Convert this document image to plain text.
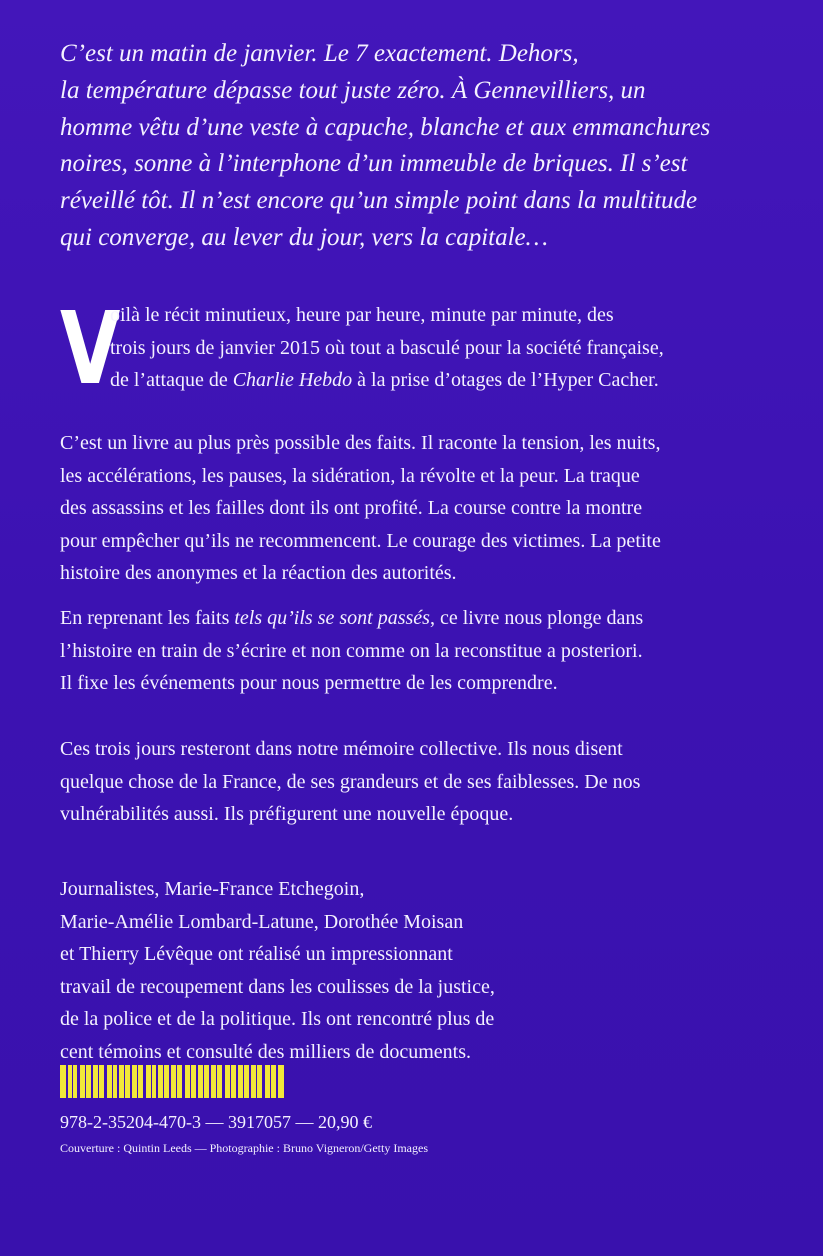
C’est un matin de janvier. Le 7 exactement. Dehors,
la température dépasse tout juste zéro. À Gennevilliers, un
homme vêtu d’une veste à capuche, blanche et aux emmanchures
noires, sonne à l’interphone d’un immeuble de briques. Il s’est
réveillé tôt. Il n’est encore qu’un simple point dans la multitude
qui converge, au lever du jour, vers la capitale…
V
oilà le récit minutieux, heure par heure, minute par minute, des
trois jours de janvier 2015 où tout a basculé pour la société française,
de l’attaque de Charlie Hebdo à la prise d’otages de l’Hyper Cacher.
C’est un livre au plus près possible des faits. Il raconte la tension, les nuits,
les accélérations, les pauses, la sidération, la révolte et la peur. La traque
des assassins et les failles dont ils ont profité. La course contre la montre
pour empêcher qu’ils ne recommencent. Le courage des victimes. La petite
histoire des anonymes et la réaction des autorités.
En reprenant les faits tels qu’ils se sont passés, ce livre nous plonge dans
l’histoire en train de s’écrire et non comme on la reconstitue a posteriori.
Il fixe les événements pour nous permettre de les comprendre.
Ces trois jours resteront dans notre mémoire collective. Ils nous disent
quelque chose de la France, de ses grandeurs et de ses faiblesses. De nos
vulnérabilités aussi. Ils préfigurent une nouvelle époque.
Journalistes, Marie-France Etchegoin,
Marie-Amélie Lombard-Latune, Dorothée Moisan
et Thierry Lévêque ont réalisé un impressionnant
travail de recoupement dans les coulisses de la justice,
de la police et de la politique. Ils ont rencontré plus de
cent témoins et consulté des milliers de documents.
978-2-35204-470-3 — 3917057 — 20,90 €
Couverture : Quintin Leeds — Photographie : Bruno Vigneron/Getty Images
